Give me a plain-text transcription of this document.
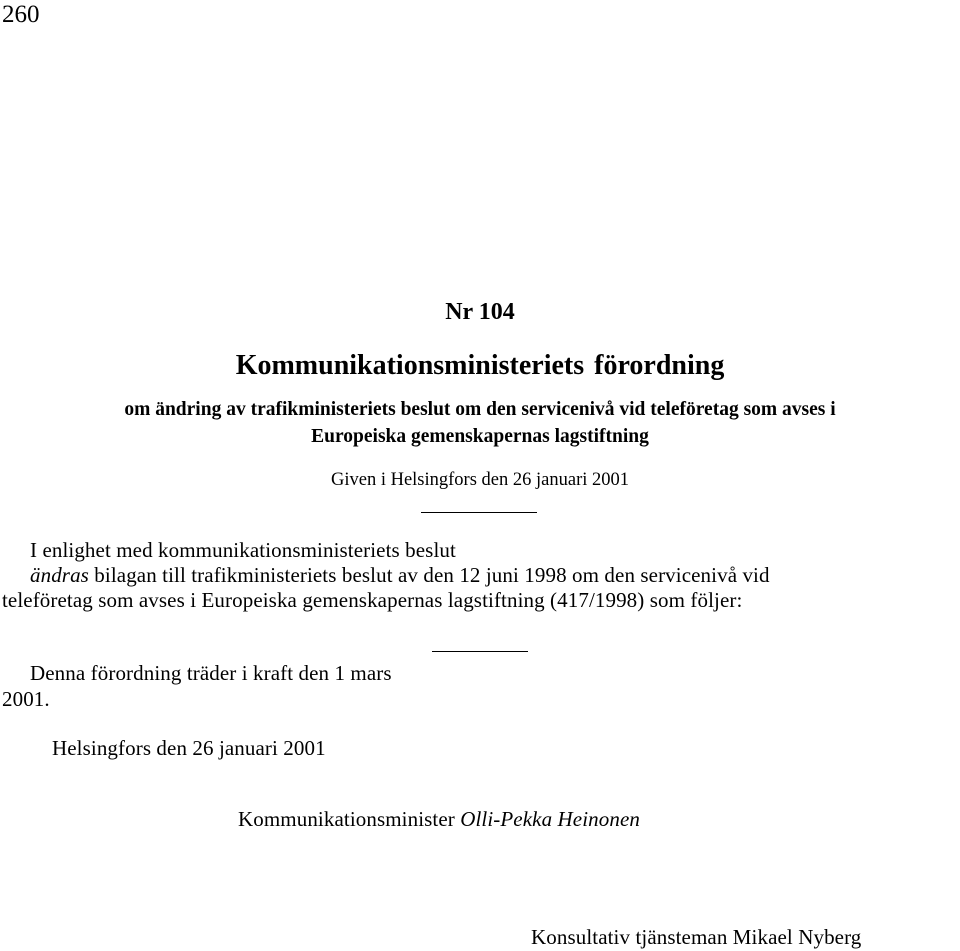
260
Nr 104
Kommunikationsministeriets förordning
om ändring av trafikministeriets beslut om den servicenivå vid teleföretag som avses i
Europeiska gemenskapernas lagstiftning
Given i Helsingfors den 26 januari 2001
I enlighet med kommunikationsministeriets beslut
ändras bilagan till trafikministeriets beslut av den 12 juni 1998 om den servicenivå vid
teleföretag som avses i Europeiska gemenskapernas lagstiftning (417/1998) som följer:
Denna förordning träder i kraft den 1 mars
2001.
Helsingfors den 26 januari 2001
Kommunikationsminister Olli-Pekka Heinonen
Konsultativ tjänsteman Mikael Nyberg
